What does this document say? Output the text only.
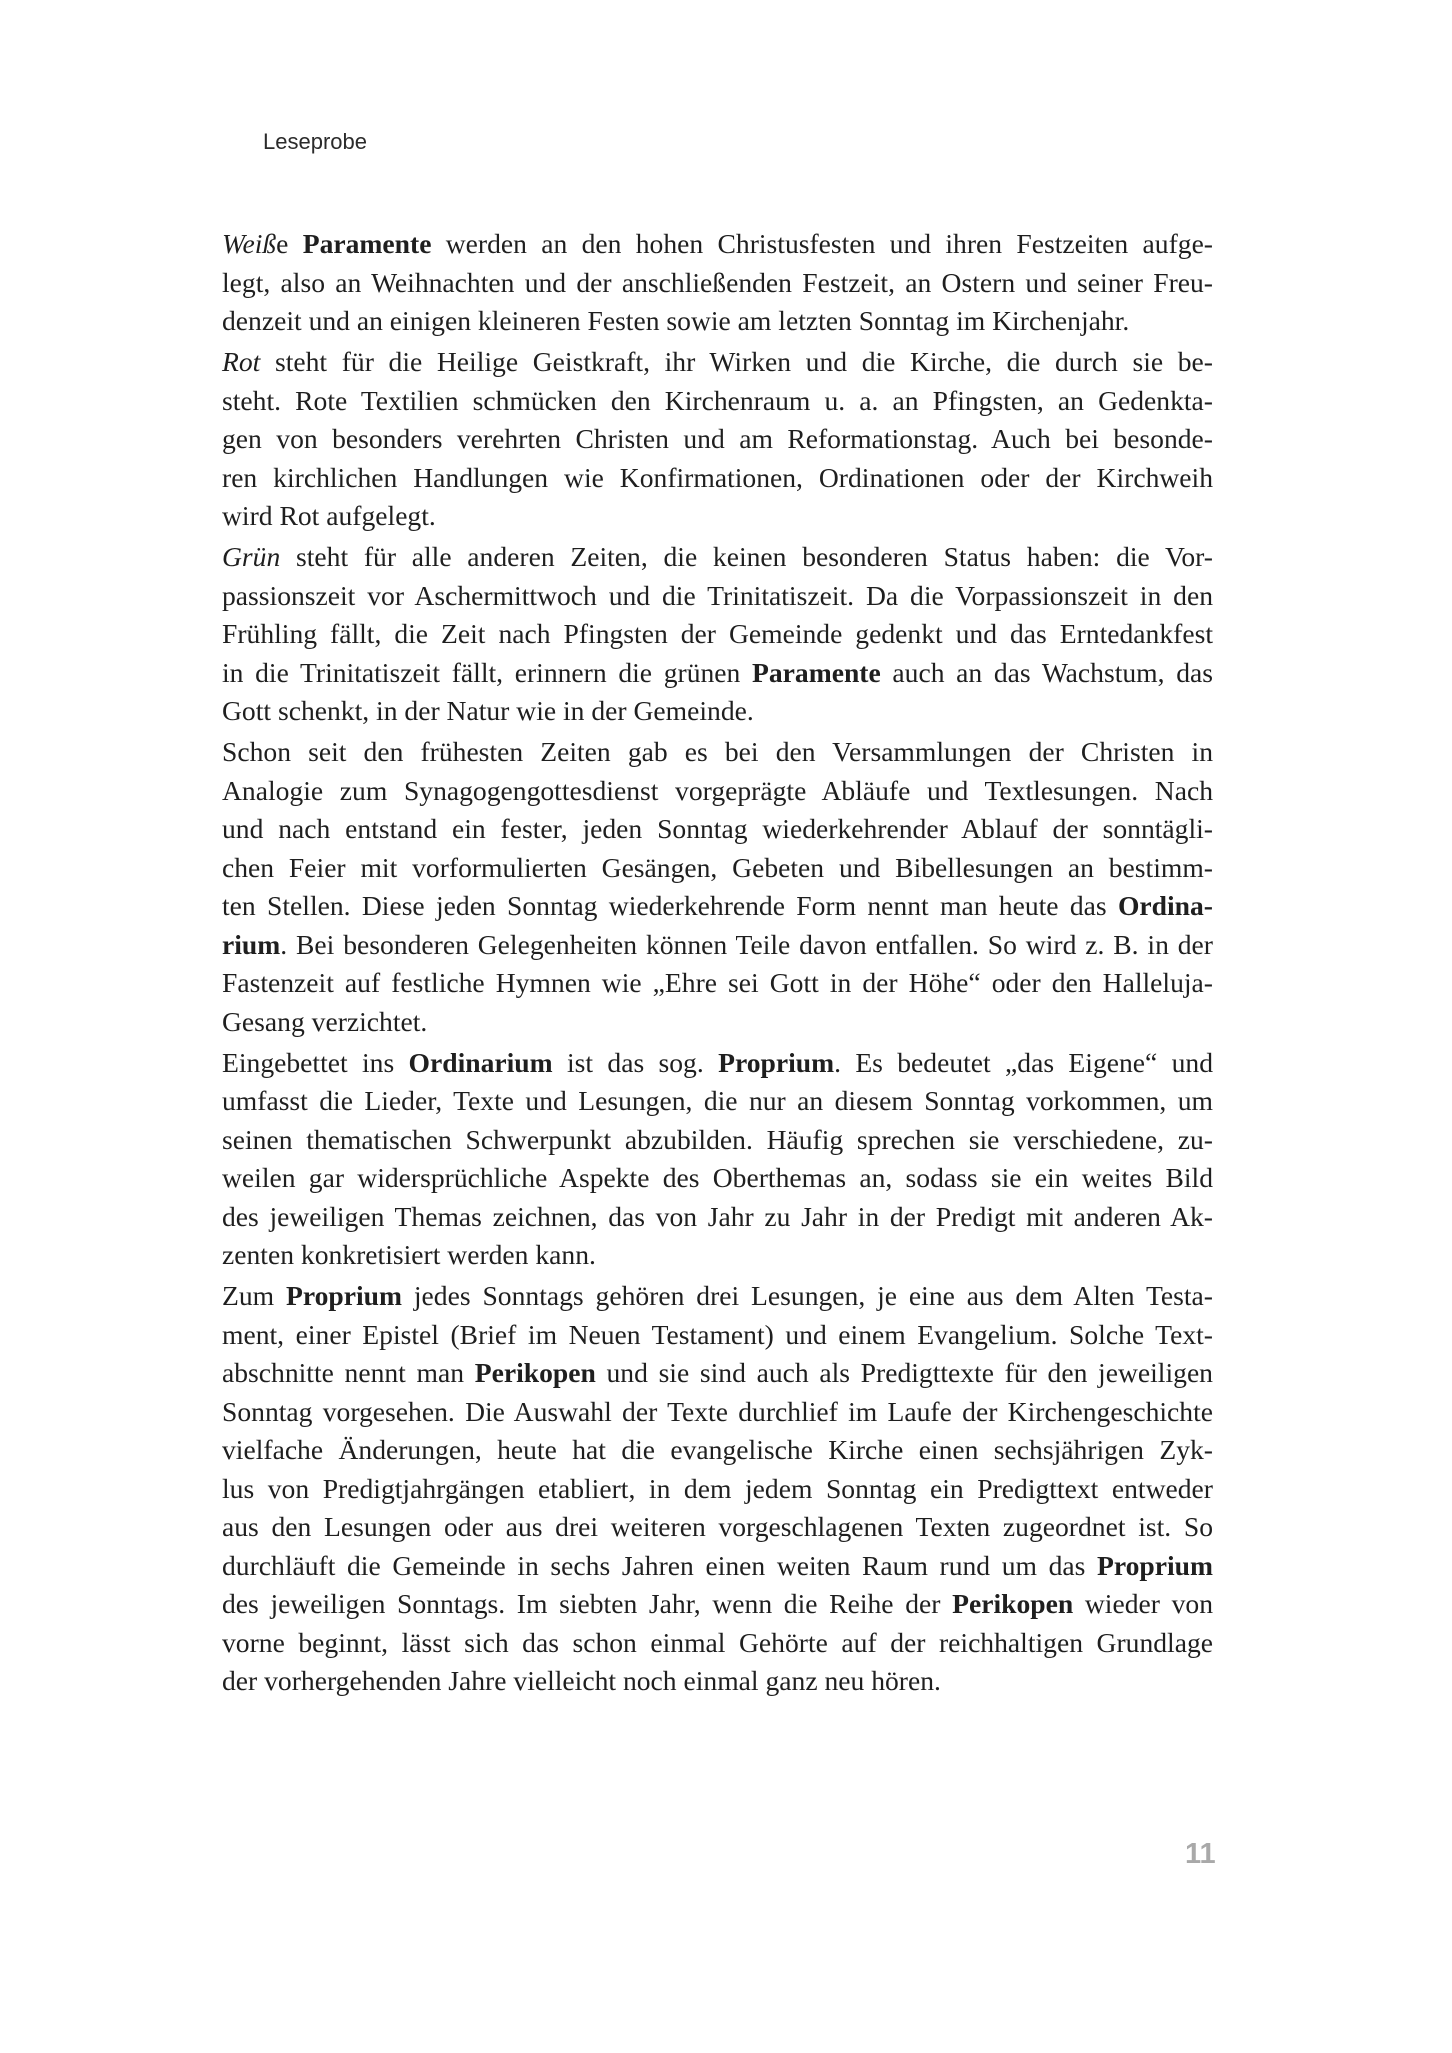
Leseprobe

Weiße Paramente werden an den hohen Christusfesten und ihren Festzeiten aufge-
legt, also an Weihnachten und der anschließenden Festzeit, an Ostern und seiner Freu-
denzeit und an einigen kleineren Festen sowie am letzten Sonntag im Kirchenjahr.

Rot steht für die Heilige Geistkraft, ihr Wirken und die Kirche, die durch sie be-
steht. Rote Textilien schmücken den Kirchenraum u. a. an Pfingsten, an Gedenkta-
gen von besonders verehrten Christen und am Reformationstag. Auch bei besonde-
ren kirchlichen Handlungen wie Konfirmationen, Ordinationen oder der Kirchweih
wird Rot aufgelegt.

Grün steht für alle anderen Zeiten, die keinen besonderen Status haben: die Vor-
passionszeit vor Aschermittwoch und die Trinitatiszeit. Da die Vorpassionszeit in den
Frühling fällt, die Zeit nach Pfingsten der Gemeinde gedenkt und das Erntedankfest
in die Trinitatiszeit fällt, erinnern die grünen Paramente auch an das Wachstum, das
Gott schenkt, in der Natur wie in der Gemeinde.

Schon seit den frühesten Zeiten gab es bei den Versammlungen der Christen in
Analogie zum Synagogengottesdienst vorgeprägte Abläufe und Textlesungen. Nach
und nach entstand ein fester, jeden Sonntag wiederkehrender Ablauf der sonntägli-
chen Feier mit vorformulierten Gesängen, Gebeten und Bibellesungen an bestimm-
ten Stellen. Diese jeden Sonntag wiederkehrende Form nennt man heute das Ordina-
rium. Bei besonderen Gelegenheiten können Teile davon entfallen. So wird z. B. in der
Fastenzeit auf festliche Hymnen wie „Ehre sei Gott in der Höhe“ oder den Halleluja-
Gesang verzichtet.

Eingebettet ins Ordinarium ist das sog. Proprium. Es bedeutet „das Eigene“ und
umfasst die Lieder, Texte und Lesungen, die nur an diesem Sonntag vorkommen, um
seinen thematischen Schwerpunkt abzubilden. Häufig sprechen sie verschiedene, zu-
weilen gar widersprüchliche Aspekte des Oberthemas an, sodass sie ein weites Bild
des jeweiligen Themas zeichnen, das von Jahr zu Jahr in der Predigt mit anderen Ak-
zenten konkretisiert werden kann.

Zum Proprium jedes Sonntags gehören drei Lesungen, je eine aus dem Alten Testa-
ment, einer Epistel (Brief im Neuen Testament) und einem Evangelium. Solche Text-
abschnitte nennt man Perikopen und sie sind auch als Predigttexte für den jeweiligen
Sonntag vorgesehen. Die Auswahl der Texte durchlief im Laufe der Kirchengeschichte
vielfache Änderungen, heute hat die evangelische Kirche einen sechsjährigen Zyk-
lus von Predigtjahrgängen etabliert, in dem jedem Sonntag ein Predigttext entweder
aus den Lesungen oder aus drei weiteren vorgeschlagenen Texten zugeordnet ist. So
durchläuft die Gemeinde in sechs Jahren einen weiten Raum rund um das Proprium
des jeweiligen Sonntags. Im siebten Jahr, wenn die Reihe der Perikopen wieder von
vorne beginnt, lässt sich das schon einmal Gehörte auf der reichhaltigen Grundlage
der vorhergehenden Jahre vielleicht noch einmal ganz neu hören.

11
